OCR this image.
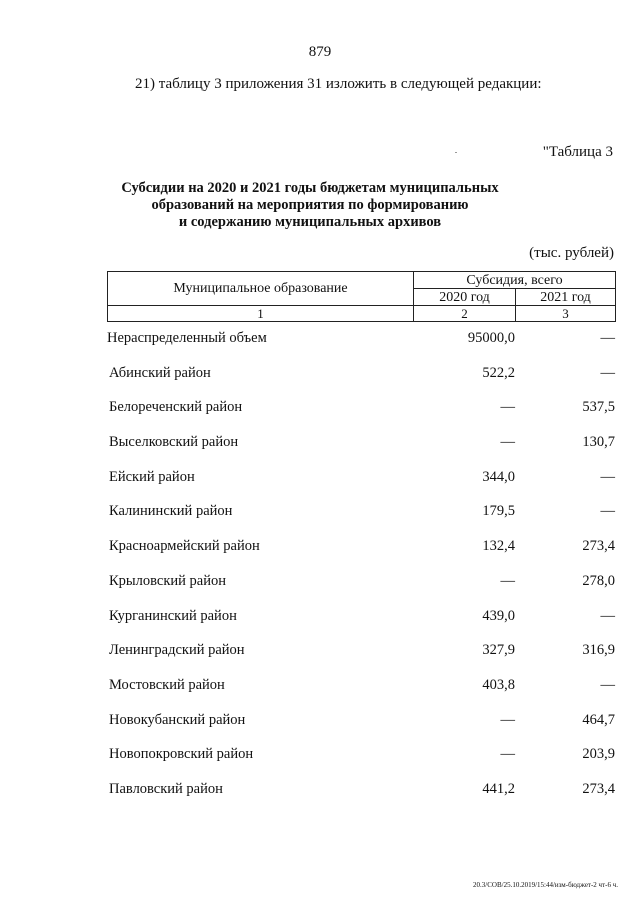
879
21) таблицу 3 приложения 31 изложить в следующей редакции:
"Таблица 3
Субсидии на 2020 и 2021 годы бюджетам муниципальных
образований на мероприятия по формированию
и содержанию муниципальных архивов
(тыс. рублей)
Муниципальное образование	Субсидия, всего	
	2020 год	2021 год
1	2	3
Нераспределенный объем	95000,0	—
Абинский район	522,2	—
Белореченский район	—	537,5
Выселковский район	—	130,7
Ейский район	344,0	—
Калининский район	179,5	—
Красноармейский район	132,4	273,4
Крыловский район	—	278,0
Курганинский район	439,0	—
Ленинградский район	327,9	316,9
Мостовский район	403,8	—
Новокубанский район	—	464,7
Новопокровский район	—	203,9
Павловский район	441,2	273,4
20.3/СОВ/25.10.2019/15:44/изм-бюджет-2 чт-6 ч.
